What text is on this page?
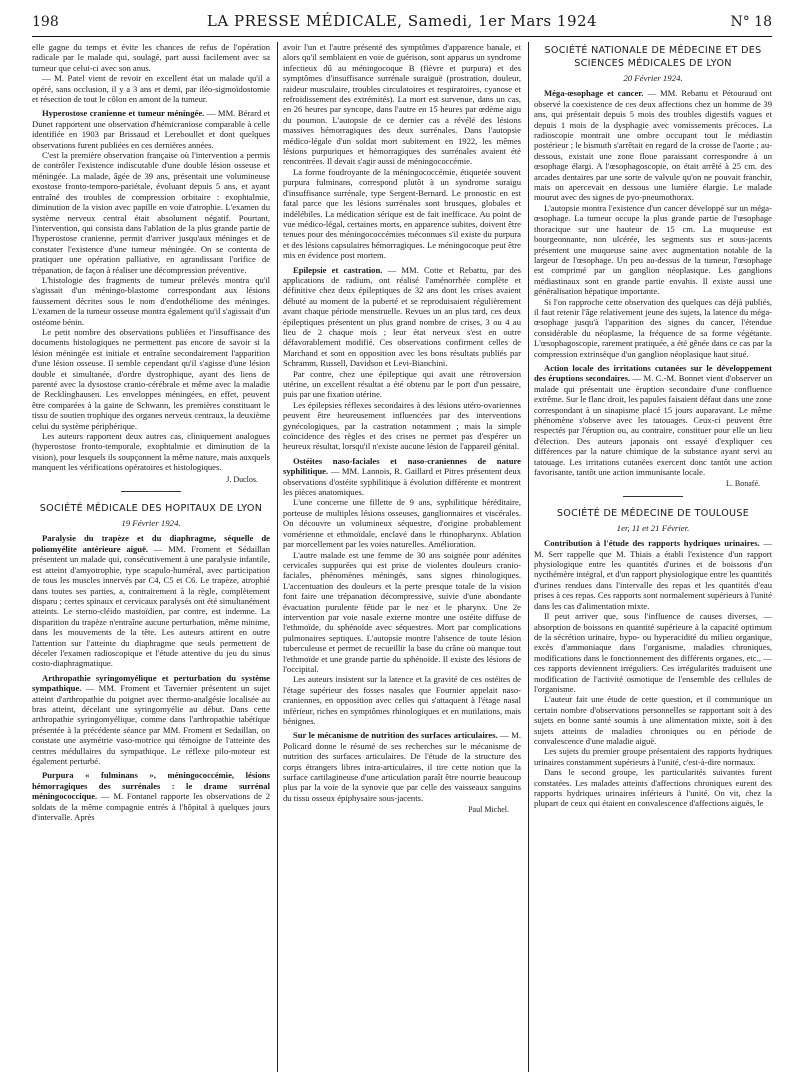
198	LA PRESSE MÉDICALE, Samedi, 1er Mars 1924	N° 18

elle gagne du temps et évite les chances de refus de l'opération radicale par le malade qui, soulagé, part aussi facilement avec sa tumeur que celui-ci avec son anus.

— M. Patel vient de revoir en excellent état un malade qu'il a opéré, sans occlusion, il y a 3 ans et demi, par iléo-sigmoïdostomie et résection de tout le côlon en amont de la tumeur.

Hyperostose cranienne et tumeur méningée. — MM. Bérard et Dunet rapportent une observation d'hémicraniose comparable à celle identifiée en 1903 par Brissaud et Lereboullet et dont quelques observations furent publiées en ces dernières années.

C'est la première observation française où l'intervention a permis de contrôler l'existence indiscutable d'une double lésion osseuse et méningée. La malade, âgée de 39 ans, présentait une volumineuse exostose fronto-temporo-pariétale, évoluant depuis 5 ans, et ayant entraîné des troubles de compression orbitaire : exophtalmie, diminution de la vision avec papille en voie d'atrophie. L'examen du système nerveux central était absolument négatif. Pourtant, l'intervention, qui consista dans l'ablation de la plus grande partie de l'hyperostose cranienne, permit d'arriver jusqu'aux méninges et de constater l'existence d'une tumeur méningée. On se contenta de pratiquer une opération palliative, en agrandissant l'orifice de trépanation, de façon à réaliser une décompression préventive.

L'histologie des fragments de tumeur prélevés montra qu'il s'agissait d'un méningo-blastome correspondant aux lésions faussement décrites sous le nom d'endothéliome des méninges. L'examen de la tumeur osseuse montra également qu'il s'agissait d'un ostéome bénin.

Le petit nombre des observations publiées et l'insuffisance des documents histologiques ne permettent pas encore de savoir si la lésion méningée est initiale et entraîne secondairement l'apparition d'une lésion osseuse. Il semble cependant qu'il s'agisse d'une lésion double et simultanée, d'ordre dystrophique, ayant des liens de parenté avec la dysostose cranio-cérébrale et même avec la maladie de Recklinghausen. Les enveloppes méningées, en effet, peuvent être comparées à la gaine de Schwann, les premières constituant le tissu de soutien trophique des organes nerveux centraux, la deuxième celui du système périphérique.

Les auteurs rapportent deux autres cas, cliniquement analogues (hyperostose fronto-temporale, exophtalmie et diminution de la vision), pour lesquels ils soupçonnent la même nature, mais auxquels manquent les vérifications opératoires et histologiques.

J. Duclos.
SOCIÉTÉ MÉDICALE DES HOPITAUX DE LYON
19 Février 1924.

Paralysie du trapèze et du diaphragme, séquelle de poliomyélite antérieure aiguë. — MM. Froment et Sédaillan présentent un malade qui, consécutivement à une paralysie infantile, est atteint d'amyotrophie, type scapulo-huméral, avec participation de tous les muscles innervés par C4, C5 et C6. Le trapèze, atrophié dans toutes ses parties, a, contrairement à la règle, complètement disparu ; certes spinaux et cervicaux paralysés ont été simultanément atteints. Le sterno-cléido mastoïdien, par contre, est indemne. La disparition du trapèze n'entraîne aucune perturbation, même minime, dans les mouvements de la tête. Les auteurs attirent en outre l'attention sur l'atteinte du diaphragme que seuls permettent de déceler l'examen radioscopique et l'étude attentive du jeu du sinus costo-diaphragmatique.

Arthropathie syringomyélique et perturbation du système sympathique. — MM. Froment et Tavernier présentent un sujet atteint d'arthropathie du poignet avec thermo-analgésie localisée au bras atteint, décelant une syringomyélie au début. Dans cette arthropathie syringomyélique, comme dans l'arthropathie tabétique présentée à la précédente séance par MM. Froment et Sedaillan, on constate une asymétrie vaso-motrice qui témoigne de l'atteinte des centres médullaires du sympathique. Le réflexe pilo-moteur est également perturbé.

Purpura « fulminans », méningococcémie, lésions hémorragiques des surrénales : le drame surrénal méningococcique. — M. Fontanel rapporte les observations de 2 soldats de la même compagnie entrés à l'hôpital à quelques jours d'intervalle. Après

avoir l'un et l'autre présenté des symptômes d'apparence banale, et alors qu'il semblaient en voie de guérison, sont apparus un syndrome infectieux dû au méningocoque B (fièvre et purpura) et des symptômes d'insuffisance surrénale suraiguë (prostration, douleur, raideur musculaire, troubles circulatoires et respiratoires, cyanose et refroidissement des extrémités). La mort est survenue, dans un cas, en 26 heures par syncope, dans l'autre en 15 heures par œdème aigu du poumon. L'autopsie de ce dernier cas a révélé des lésions massives hémorragiques des deux surrénales. Dans l'autopsie médico-légale d'un soldat mort subitement en 1922, les mêmes lésions purpuriques et hémorragiques des surrénales avaient été rencontrées. Il devait s'agir aussi de méningococcémie.

La forme foudroyante de la méningococcémie, étiquetée souvent purpura fulminans, correspond plutôt à un syndrome suraigu d'insuffisance surrénale, type Sergent-Bernard. Le pronostic en est fatal parce que les lésions surrénales sont brusques, globales et indélébiles. La médication sérique est de fait inefficace. Au point de vue médico-légal, certaines morts, en apparence subites, doivent être tenues pour des méningococcémies méconnues s'il existe du purpura et des lésions capsulaires hémorragiques. Le méningocoque peut être mis en évidence post mortem.

Epilepsie et castration. — MM. Cotte et Rebattu, par des applications de radium, ont réalisé l'aménorrhée complète et définitive chez deux épileptiques de 32 ans dont les crises avaient débuté au moment de la puberté et se reproduisaient régulièrement avant chaque période menstruelle. Revues un an plus tard, ces deux épileptiques présentent un plus grand nombre de crises, 3 ou 4 au lieu de 2 chaque mois ; leur état nerveux s'est en outre défavorablement modifié. Ces observations confirment celles de Marchand et sont en opposition avec les bons résultats publiés par Schramm, Russell, Davidson et Levi-Bianchini.

Par contre, chez une épileptique qui avait une rétroversion utérine, un excellent résultat a été obtenu par le port d'un pessaire, puis par une fixation utérine.

Les épilepsies réflexes secondaires à des lésions utéro-ovariennes peuvent être heureusement influencées par des interventions gynécologiques, par la castration notamment ; mais la simple coïncidence des règles et des crises ne permet pas d'espérer un heureux résultat, lorsqu'il n'existe aucune lésion de l'appareil génital.

Ostéites naso-faciales et naso-craniennes de nature syphilitique. — MM. Lannois, R. Gaillard et Pitres présentent deux observations d'ostéite syphilitique à évolution différente et montrent les pièces anatomiques.

L'une concerne une fillette de 9 ans, syphilitique héréditaire, porteuse de multiples lésions osseuses, ganglionnaires et viscérales. On découvre un volumineux séquestre, d'origine probablement vomérienne et ethmoïdale, enclavé dans le rhinopharynx. Ablation par morcellement par les voies naturelles. Amélioration.

L'autre malade est une femme de 30 ans soignée pour adénites cervicales suppurées qui est prise de violentes douleurs cranio-faciales, phénomènes méningés, sans signes rhinologiques. L'accentuation des douleurs et la perte presque totale de la vision font faire une trépanation décompressive, suivie d'une abondante évacuation purulente fétide par le nez et le pharynx. Une 2e intervention par voie nasale externe montre une ostéite diffuse de l'ethmoïde, du sphénoïde avec séquestres. Mort par complications pulmonaires septiques. L'autopsie montre l'absence de toute lésion tuberculeuse et permet de recueillir la base du crâne où manque tout l'ethmoïde et une grande partie du sphénoïde. Il existe des lésions de l'occipital.

Les auteurs insistent sur la latence et la gravité de ces ostéites de l'étage supérieur des fosses nasales que Fournier appelait naso-craniennes, en opposition avec celles qui s'attaquent à l'étage nasal inférieur, riches en symptômes rhinologiques et en mutilations, mais bénignes.

Sur le mécanisme de nutrition des surfaces articulaires. — M. Policard donne le résumé de ses recherches sur le mécanisme de nutrition des surfaces articulaires. De l'étude de la structure des corps étrangers libres intra-articulaires, il tire cette notion que la surface cartilagineuse d'une articulation paraît être nourrie beaucoup plus par la voie de la synovie que par celle des vaisseaux sanguins du tissu osseux épiphysaire sous-jacents.

Paul Michel.
SOCIÉTÉ NATIONALE DE MÉDECINE ET DES SCIENCES MÉDICALES DE LYON
20 Février 1924.

Méga-œsophage et cancer. — MM. Rebattu et Pétouraud ont observé la coexistence de ces deux affections chez un homme de 39 ans, qui présentait depuis 5 mois des troubles digestifs vagues et depuis 1 mois de la dysphagie avec vomissements précoces. La radioscopie montrait une ombre occupant tout le médiastin postérieur ; le bismuth s'arrêtait en regard de la crosse de l'aorte ; au-dessous, existait une zone floue paraissant correspondre à un œsophage élargi. A l'œsophagoscopie, on était arrêté à 25 cm. des arcades dentaires par une sorte de valvule qu'on ne pouvait franchir, mais on apercevait en dessous une lumière élargie. Le malade mourut avec des signes de pyo-pneumothorax.

L'autopsie montra l'existence d'un cancer développé sur un méga-œsophage. La tumeur occupe la plus grande partie de l'œsophage thoracique sur une hauteur de 15 cm. La muqueuse est bourgeonnante, non ulcérée, les segments sus et sous-jacents présentent une muqueuse saine avec augmentation notable de la largeur de l'œsophage. Un peu au-dessus de la tumeur, l'œsophage est comprimé par un ganglion néoplasique. Les ganglions médiastinaux sont en grande partie envahis. Il existe aussi une généralisation hépatique importante.

Si l'on rapproche cette observation des quelques cas déjà publiés, il faut retenir l'âge relativement jeune des sujets, la latence du méga-œsophage jusqu'à l'apparition des signes du cancer, l'étendue considérable du néoplasme, la fréquence de sa forme végétante. L'œsophagoscopie, rarement pratiquée, a été gênée dans ce cas par la compression extrinsèque d'un ganglion néoplasique haut situé.

Action locale des irritations cutanées sur le développement des éruptions secondaires. — M. C.-M. Bonnet vient d'observer un malade qui présentait une éruption secondaire d'une confluence extrême. Sur le flanc droit, les papules faisaient défaut dans une zone correspondant à un sinapisme placé 15 jours auparavant. Le même phénomène s'observe avec les tatouages. Ceux-ci peuvent être respectés par l'éruption ou, au contraire, constituer pour elle un lieu d'élection. Des auteurs japonais ont essayé d'expliquer ces différences par la nature chimique de la substance ayant servi au tatouage. Les irritations cutanées exercent donc tantôt une action favorisante, tantôt une action immunisante locale.

L. Bonafé.
SOCIÉTÉ DE MÉDECINE DE TOULOUSE
1er, 11 et 21 Février.

Contribution à l'étude des rapports hydriques urinaires. — M. Serr rappelle que M. Thiais a établi l'existence d'un rapport physiologique entre les quantités d'urines et de boissons d'un nycthémère intégral, et d'un rapport physiologique entre les quantités d'urines rendues dans l'intervalle des repas et les quantités d'eau prises à ces repas. Ces rapports sont normalement supérieurs à l'unité dans les cas d'alimentation mixte.

Il peut arriver que, sous l'influence de causes diverses, — absorption de boissons en quantité supérieure à la capacité optimum de la sécrétion urinaire, hypo- ou hyperacidité du milieu organique, excès d'ammoniaque dans l'organisme, maladies chroniques, modifications dans le fonctionnement des différents organes, etc., — ces rapports deviennent irréguliers. Ces irrégularités traduisent une modification de l'activité osmotique de l'ensemble des cellules de l'organisme.

L'auteur fait une étude de cette question, et il communique un certain nombre d'observations personnelles se rapportant soit à des sujets en bonne santé soumis à une alimentation mixte, soit à des sujets atteints de maladies chroniques ou en période de convalescence d'une maladie aiguë.

Les sujets du premier groupe présentaient des rapports hydriques urinaires constamment supérieurs à l'unité, c'est-à-dire normaux.

Dans le second groupe, les particularités suivantes furent constatées. Les malades atteints d'affections chroniques eurent des rapports hydriques urinaires inférieurs à l'unité. On vit, chez la plupart de ceux qui étaient en convalescence d'affections aiguës, le
